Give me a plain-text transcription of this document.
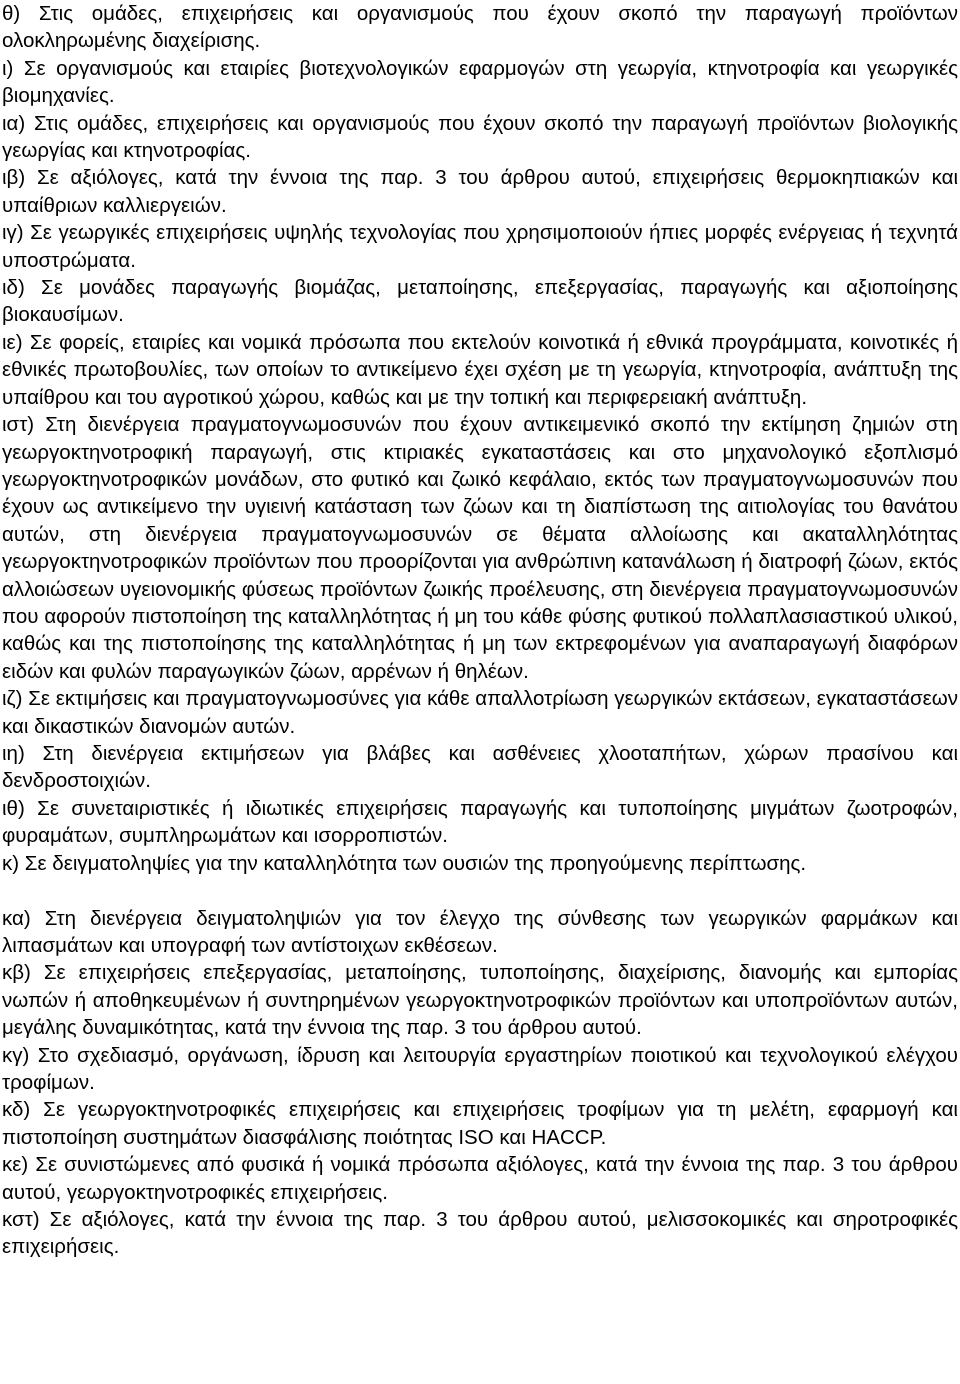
θ) Στις ομάδες, επιχειρήσεις και οργανισμούς που έχουν σκοπό την παραγωγή προϊόντων ολοκληρωμένης διαχείρισης.

ι) Σε οργανισμούς και εταιρίες βιοτεχνολογικών εφαρμογών στη γεωργία, κτηνοτροφία και γεωργικές βιομηχανίες.

ια) Στις ομάδες, επιχειρήσεις και οργανισμούς που έχουν σκοπό την παραγωγή προϊόντων βιολογικής γεωργίας και κτηνοτροφίας.

ιβ) Σε αξιόλογες, κατά την έννοια της παρ. 3 του άρθρου αυτού, επιχειρήσεις θερμοκηπιακών και υπαίθριων καλλιεργειών.

ιγ) Σε γεωργικές επιχειρήσεις υψηλής τεχνολογίας που χρησιμοποιούν ήπιες μορφές ενέργειας ή τεχνητά υποστρώματα.

ιδ) Σε μονάδες παραγωγής βιομάζας, μεταποίησης, επεξεργασίας, παραγωγής και αξιοποίησης βιοκαυσίμων.

ιε) Σε φορείς, εταιρίες και νομικά πρόσωπα που εκτελούν κοινοτικά ή εθνικά προγράμματα, κοινοτικές ή εθνικές πρωτοβουλίες, των οποίων το αντικείμενο έχει σχέση με τη γεωργία, κτηνοτροφία, ανάπτυξη της υπαίθρου και του αγροτικού χώρου, καθώς και με την τοπική και περιφερειακή ανάπτυξη.

ιστ) Στη διενέργεια πραγματογνωμοσυνών που έχουν αντικειμενικό σκοπό την εκτίμηση ζημιών στη γεωργοκτηνοτροφική παραγωγή, στις κτιριακές εγκαταστάσεις και στο μηχανολογικό εξοπλισμό γεωργοκτηνοτροφικών μονάδων, στο φυτικό και ζωικό κεφάλαιο, εκτός των πραγματογνωμοσυνών που έχουν ως αντικείμενο την υγιεινή κατάσταση των ζώων και τη διαπίστωση της αιτιολογίας του θανάτου αυτών, στη διενέργεια πραγματογνωμοσυνών σε θέματα αλλοίωσης και ακαταλληλότητας γεωργοκτηνοτροφικών προϊόντων που προορίζονται για ανθρώπινη κατανάλωση ή διατροφή ζώων, εκτός αλλοιώσεων υγειονομικής φύσεως προϊόντων ζωικής προέλευσης, στη διενέργεια πραγματογνωμοσυνών που αφορούν πιστοποίηση της καταλληλότητας ή μη του κάθε φύσης φυτικού πολλαπλασιαστικού υλικού, καθώς και της πιστοποίησης της καταλληλότητας ή μη των εκτρεφομένων για αναπαραγωγή διαφόρων ειδών και φυλών παραγωγικών ζώων, αρρένων ή θηλέων.

ιζ) Σε εκτιμήσεις και πραγματογνωμοσύνες για κάθε απαλλοτρίωση γεωργικών εκτάσεων, εγκαταστάσεων και δικαστικών διανομών αυτών.

ιη) Στη διενέργεια εκτιμήσεων για βλάβες και ασθένειες χλοοταπήτων, χώρων πρασίνου και δενδροστοιχιών.

ιθ) Σε συνεταιριστικές ή ιδιωτικές επιχειρήσεις παραγωγής και τυποποίησης μιγμάτων ζωοτροφών, φυραμάτων, συμπληρωμάτων και ισορροπιστών.

κ) Σε δειγματοληψίες για την καταλληλότητα των ουσιών της προηγούμενης περίπτωσης.

κα) Στη διενέργεια δειγματοληψιών για τον έλεγχο της σύνθεσης των γεωργικών φαρμάκων και λιπασμάτων και υπογραφή των αντίστοιχων εκθέσεων.

κβ) Σε επιχειρήσεις επεξεργασίας, μεταποίησης, τυποποίησης, διαχείρισης, διανομής και εμπορίας νωπών ή αποθηκευμένων ή συντηρημένων γεωργοκτηνοτροφικών προϊόντων και υποπροϊόντων αυτών, μεγάλης δυναμικότητας, κατά την έννοια της παρ. 3 του άρθρου αυτού.

κγ) Στο σχεδιασμό, οργάνωση, ίδρυση και λειτουργία εργαστηρίων ποιοτικού και τεχνολογικού ελέγχου τροφίμων.

κδ) Σε γεωργοκτηνοτροφικές επιχειρήσεις και επιχειρήσεις τροφίμων για τη μελέτη, εφαρμογή και πιστοποίηση συστημάτων διασφάλισης ποιότητας ISO και HACCP.

κε) Σε συνιστώμενες από φυσικά ή νομικά πρόσωπα αξιόλογες, κατά την έννοια της παρ. 3 του άρθρου αυτού, γεωργοκτηνοτροφικές επιχειρήσεις.

κστ) Σε αξιόλογες, κατά την έννοια της παρ. 3 του άρθρου αυτού, μελισσοκομικές και σηροτροφικές επιχειρήσεις.
